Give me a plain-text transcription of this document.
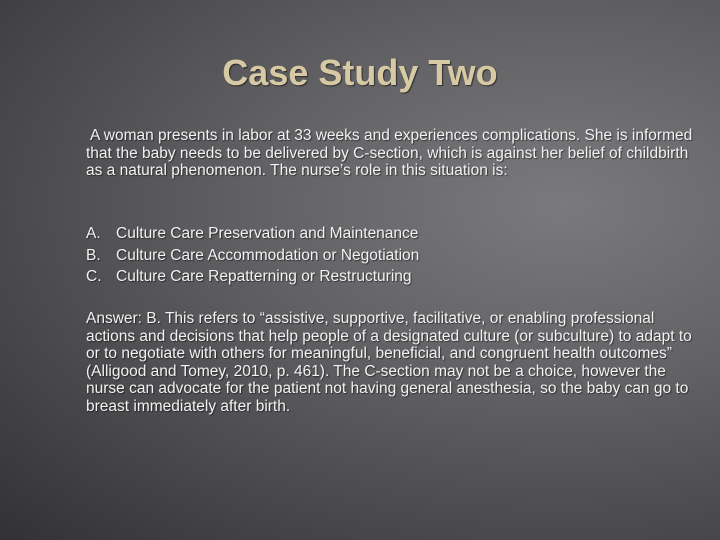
Case Study Two
A woman presents in labor at 33 weeks and experiences complications. She is informed that the baby needs to be delivered by C-section, which is against her belief of childbirth as a natural phenomenon. The nurse’s role in this situation is:
A. Culture Care Preservation and Maintenance
B. Culture Care Accommodation or Negotiation
C. Culture Care Repatterning or Restructuring
Answer: B. This refers to “assistive, supportive, facilitative, or enabling professional actions and decisions that help people of a designated culture (or subculture) to adapt to or to negotiate with others for meaningful, beneficial, and congruent health outcomes” (Alligood and Tomey, 2010, p. 461). The C-section may not be a choice, however the nurse can advocate for the patient not having general anesthesia, so the baby can go to breast immediately after birth.
